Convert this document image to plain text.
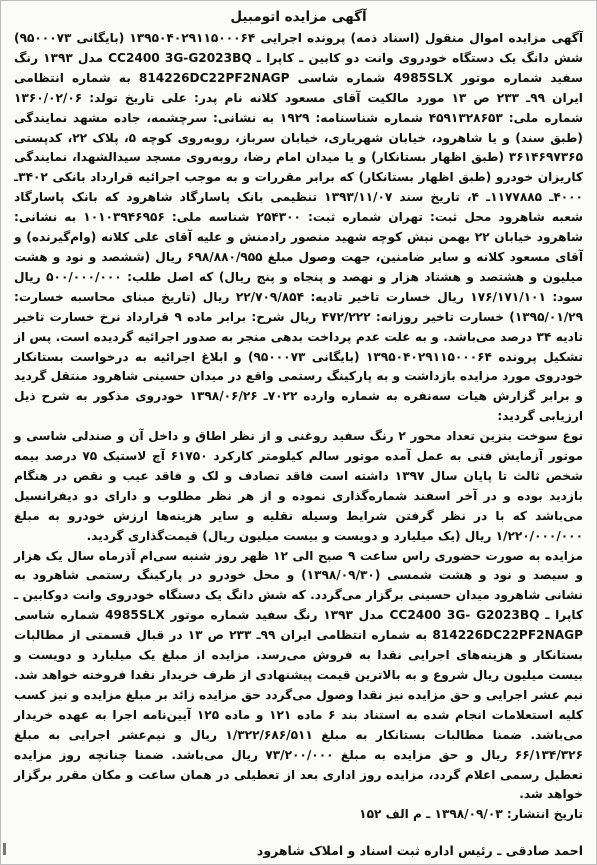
آگهی مزایده اتومبیل

آگهی مزایده اموال منقول (اسناد ذمه) پرونده اجرایی ۱۳۹۵۰۴۰۲۹۱۱۵۰۰۰۶۴ (بایگانی ۹۵۰۰۰۷۳) شش دانگ یک دستگاه خودروی وانت دو کابین ـ کاپرا ـ CC2400 3G-G2023BQ مدل ۱۳۹۳ رنگ سفید شماره موتور 4985SLX شماره شاسی 814226DC22PF2NAGP به شماره انتظامی ایران ۹۹ـ ۲۳۳ ص ۱۳ مورد مالکیت آقای مسعود کلانه نام پدر: علی تاریخ تولد: ۱۳۶۰/۰۲/۰۶ شماره ملی: ۴۵۹۱۳۲۸۶۵۳ شماره شناسنامه: ۱۹۲۹ به نشانی: سرچشمه، جاده مشهد نمایندگی (طبق سند) و یا شاهرود، خیابان شهریاری، خیابان سرباز، روبه‌روی کوچه ۵، پلاک ۲۲، کدپستی ۳۶۱۴۶۹۷۳۶۵ (طبق اظهار بستانکار) و یا میدان امام رضا، روبه‌روی مسجد سیدالشهدا، نمایندگی کاریزان خودرو (طبق اظهار بستانکار) که برابر مقررات و به موجب اجرائیه قرارداد بانکی ۳۴۰۲ـ ۴۰۰۰ـ ۱۱۷۷۸۸۵ـ ۴، تاریخ سند ۱۳۹۳/۱۱/۰۷ تنظیمی بانک پاسارگاد شاهرود که بانک پاسارگاد شعبه شاهرود محل ثبت: تهران شماره ثبت: ۲۵۴۳۰۰ شناسه ملی: ۱۰۱۰۳۹۴۶۹۵۶ به نشانی: شاهرود خیابان ۲۲ بهمن نبش کوچه شهید منصور رادمنش و علیه آقای علی کلانه (وام‌گیرنده) و آقای مسعود کلانه و سایر ضامنین، جهت وصول مبلغ ۶۹۸/۸۸۰/۹۵۵ ریال (ششصد و نود و هشت میلیون و هشتصد و هشتاد هزار و نهصد و پنجاه و پنج ریال) که اصل طلب: ۵۰۰/۰۰۰/۰۰۰ ریال سود: ۱۷۶/۱۷۱/۱۰۱ ریال خسارت تاخیر تادیه: ۲۲/۷۰۹/۸۵۴ ریال (تاریخ مبنای محاسبه خسارت: ۱۳۹۵/۰۱/۲۹) خسارت تاخیر روزانه: ۴۷۲/۲۲۲ ریال شرح: برابر ماده ۹ قرارداد نرخ خسارت تاخیر تادیه ۳۴ درصد می‌باشد. و به علت عدم پرداخت بدهی منجر به صدور اجرائیه گردیده است. پس از تشکیل پرونده ۱۳۹۵۰۴۰۲۹۱۱۵۰۰۰۶۴ (بایگانی ۹۵۰۰۰۷۳) و ابلاغ اجرائیه به درخواست بستانکار خودروی مورد مزایده بازداشت و به پارکینگ رستمی واقع در میدان حسینی شاهرود منتقل گردید و برابر گزارش هیات سه‌نفره به شماره وارده ۷۰۲۲ـ ۱۳۹۸/۰۶/۲۶ خودروی مذکور به شرح ذیل ارزیابی گردید:

نوع سوخت بنزین تعداد محور ۲ رنگ سفید روغنی و از نظر اطاق و داخل آن و صندلی شاسی و موتور آزمایش فنی به عمل آمده موتور سالم کیلومتر کارکرد ۶۱۷۵۰ آچ لاستیک ۷۵ درصد بیمه شخص ثالث تا پایان سال ۱۳۹۷ داشته است فاقد تصادف و لک و فاقد عیب و نقص در هنگام بازدید بوده و در آخر اسفند شماره‌گذاری نموده و از هر نظر مطلوب و دارای دو دیفرانسیل می‌باشد که با در نظر گرفتن شرایط وسیله نقلیه و سایر هزینه‌ها ارزش خودرو به مبلغ ۱/۲۲۰/۰۰۰/۰۰۰ ریال (یک میلیارد و دویست و بیست میلیون ریال) قیمت‌گذاری گردید.

مزایده به صورت حضوری راس ساعت ۹ صبح الی ۱۲ ظهر روز شنبه سی‌ام آذرماه سال یک هزار و سیصد و نود و هشت شمسی (۱۳۹۸/۰۹/۳۰) و محل خودرو در پارکینگ رستمی شاهرود به نشانی شاهرود میدان حسینی برگزار می‌گردد. که شش دانگ یک دستگاه خودروی وانت دوکابین ـ کاپرا ـ CC2400 3G- G2023BQ مدل ۱۳۹۳ رنگ سفید شماره موتور 4985SLX شماره شاسی 814226DC22PF2NAGP به شماره انتظامی ایران ۹۹ـ ۲۳۳ ص ۱۳ در قبال قسمتی از مطالبات بستانکار و هزینه‌های اجرایی نقدا به فروش می‌رسد. مزایده از مبلغ یک میلیارد و دویست و بیست میلیون ریال شروع و به بالاترین قیمت پیشنهادی از طرف خریدار نقدا فروخته خواهد شد. نیم عشر اجرایی و حق مزایده نیز نقدا وصول می‌گردد حق مزایده زائد بر مبلغ مزایده و نیز کسب کلیه استعلامات انجام شده به استناد بند ۶ ماده ۱۲۱ و ماده ۱۲۵ آیین‌نامه اجرا به عهده خریدار می‌باشد. ضمنا مطالبات بستانکار به مبلغ ۱/۳۲۲/۶۸۶/۵۱۱ ریال و نیم‌عشر اجرایی به مبلغ ۶۶/۱۳۴/۳۲۶ ریال و حق مزایده به مبلغ ۷۳/۲۰۰/۰۰۰ ریال می‌باشد. ضمنا چنانچه روز مزایده تعطیل رسمی اعلام گردد، مزایده روز اداری بعد از تعطیلی در همان ساعت و مکان مقرر برگزار خواهد شد.

تاریخ انتشار: ۱۳۹۸/۰۹/۰۳ ـ م الف ۱۵۲

احمد صادقی ـ رئیس اداره ثبت اسناد و املاک شاهرود
